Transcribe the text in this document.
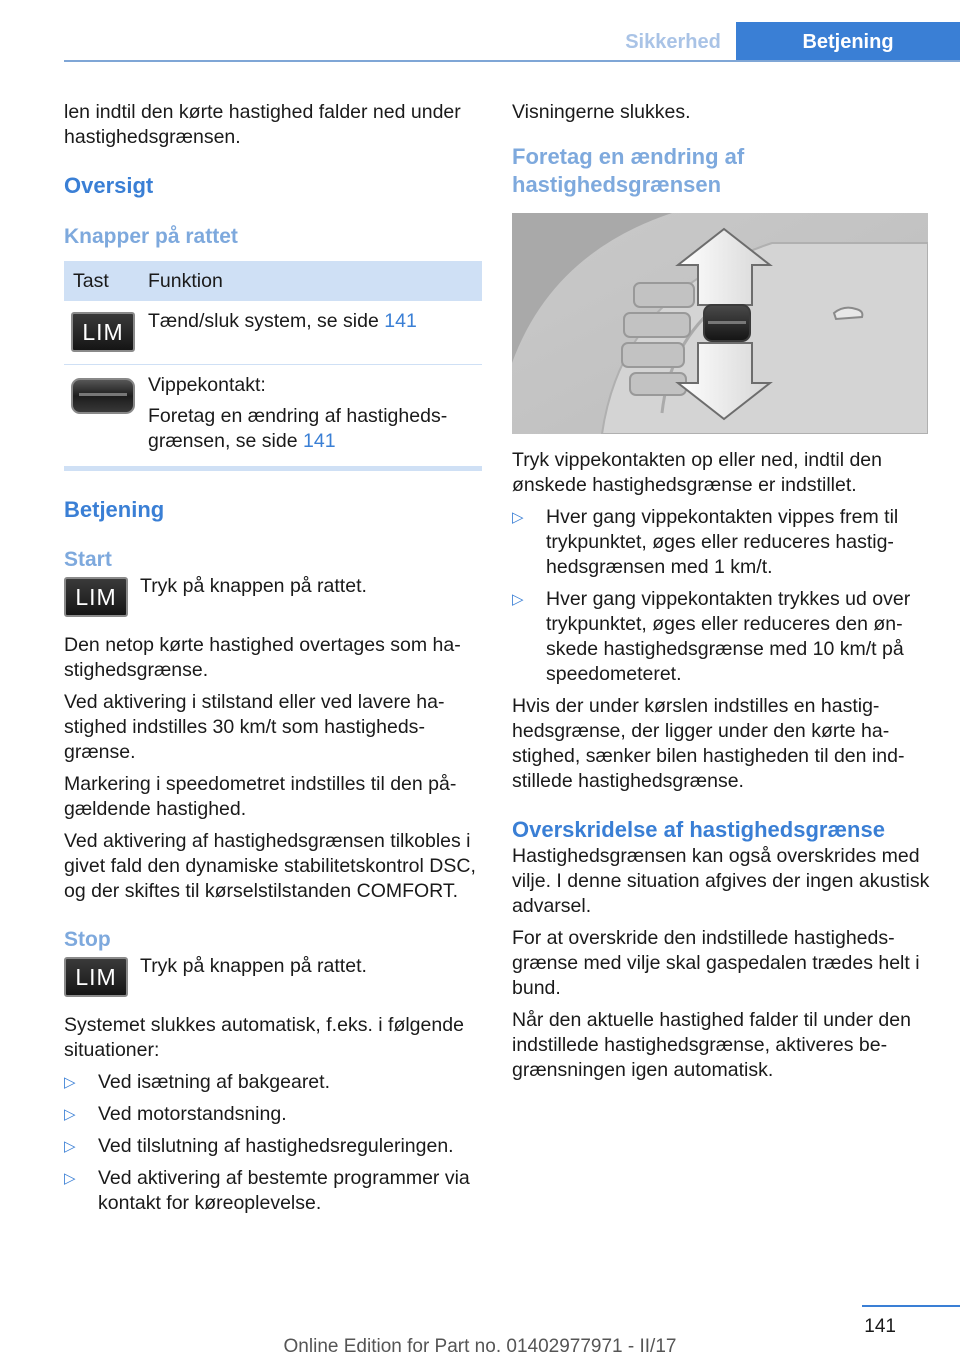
Sikkerhed	Betjening

len indtil den kørte hastighed falder ned under hastighedsgrænsen.

Oversigt
Knapper på rattet
Tast	Funktion
LIM	Tænd/sluk system, se side 141

Vippekontakt:

Foretag en ændring af hastighedsgrænsen, se side 141

Betjening
Start
LIM	Tryk på knappen på rattet.

Den netop kørte hastighed overtages som hastighedsgrænse.

Ved aktivering i stilstand eller ved lavere hastighed indstilles 30 km/t som hastighedsgrænse.

Markering i speedometret indstilles til den pågældende hastighed.

Ved aktivering af hastighedsgrænsen tilkobles i givet fald den dynamiske stabilitetskontrol DSC, og der skiftes til kørselstilstanden COMFORT.

Stop
LIM	Tryk på knappen på rattet.

Systemet slukkes automatisk, f.eks. i følgende situationer:

▷ Ved isætning af bakgearet.
▷ Ved motorstandsning.
▷ Ved tilslutning af hastighedsreguleringen.
▷ Ved aktivering af bestemte programmer via kontakt for køreoplevelse.

Visningerne slukkes.

Foretag en ændring af hastighedsgrænsen

Tryk vippekontakten op eller ned, indtil den ønskede hastighedsgrænse er indstillet.

▷ Hver gang vippekontakten vippes frem til trykpunktet, øges eller reduceres hastighedsgrænsen med 1 km/t.
▷ Hver gang vippekontakten trykkes ud over trykpunktet, øges eller reduceres den ønskede hastighedsgrænse med 10 km/t på speedometeret.

Hvis der under kørslen indstilles en hastighedsgrænse, der ligger under den kørte hastighed, sænker bilen hastigheden til den indstillede hastighedsgrænse.

Overskridelse af hastighedsgrænse

Hastighedsgrænsen kan også overskrides med vilje. I denne situation afgives der ingen akustisk advarsel.

For at overskride den indstillede hastighedsgrænse med vilje skal gaspedalen trædes helt i bund.

Når den aktuelle hastighed falder til under den indstillede hastighedsgrænse, aktiveres begrænsningen igen automatisk.

141
Online Edition for Part no. 01402977971 - II/17
